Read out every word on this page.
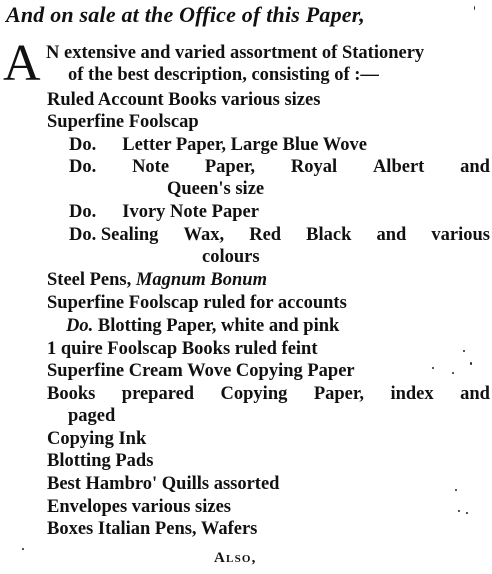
And on sale at the Office of this Paper,
A N extensive and varied assortment of Stationery
of the best description, consisting of :—
Ruled Account Books various sizes
Superfine Foolscap
Do. Letter Paper, Large Blue Wove
Do. Note Paper, Royal Albert and
Queen's size
Do. Ivory Note Paper
Do. Sealing Wax, Red Black and various
colours
Steel Pens, Magnum Bonum
Superfine Foolscap ruled for accounts
Do. Blotting Paper, white and pink
1 quire Foolscap Books ruled feint
Superfine Cream Wove Copying Paper
Books prepared Copying Paper, index and
paged
Copying Ink
Blotting Pads
Best Hambro' Quills assorted
Envelopes various sizes
Boxes Italian Pens, Wafers
Also,
